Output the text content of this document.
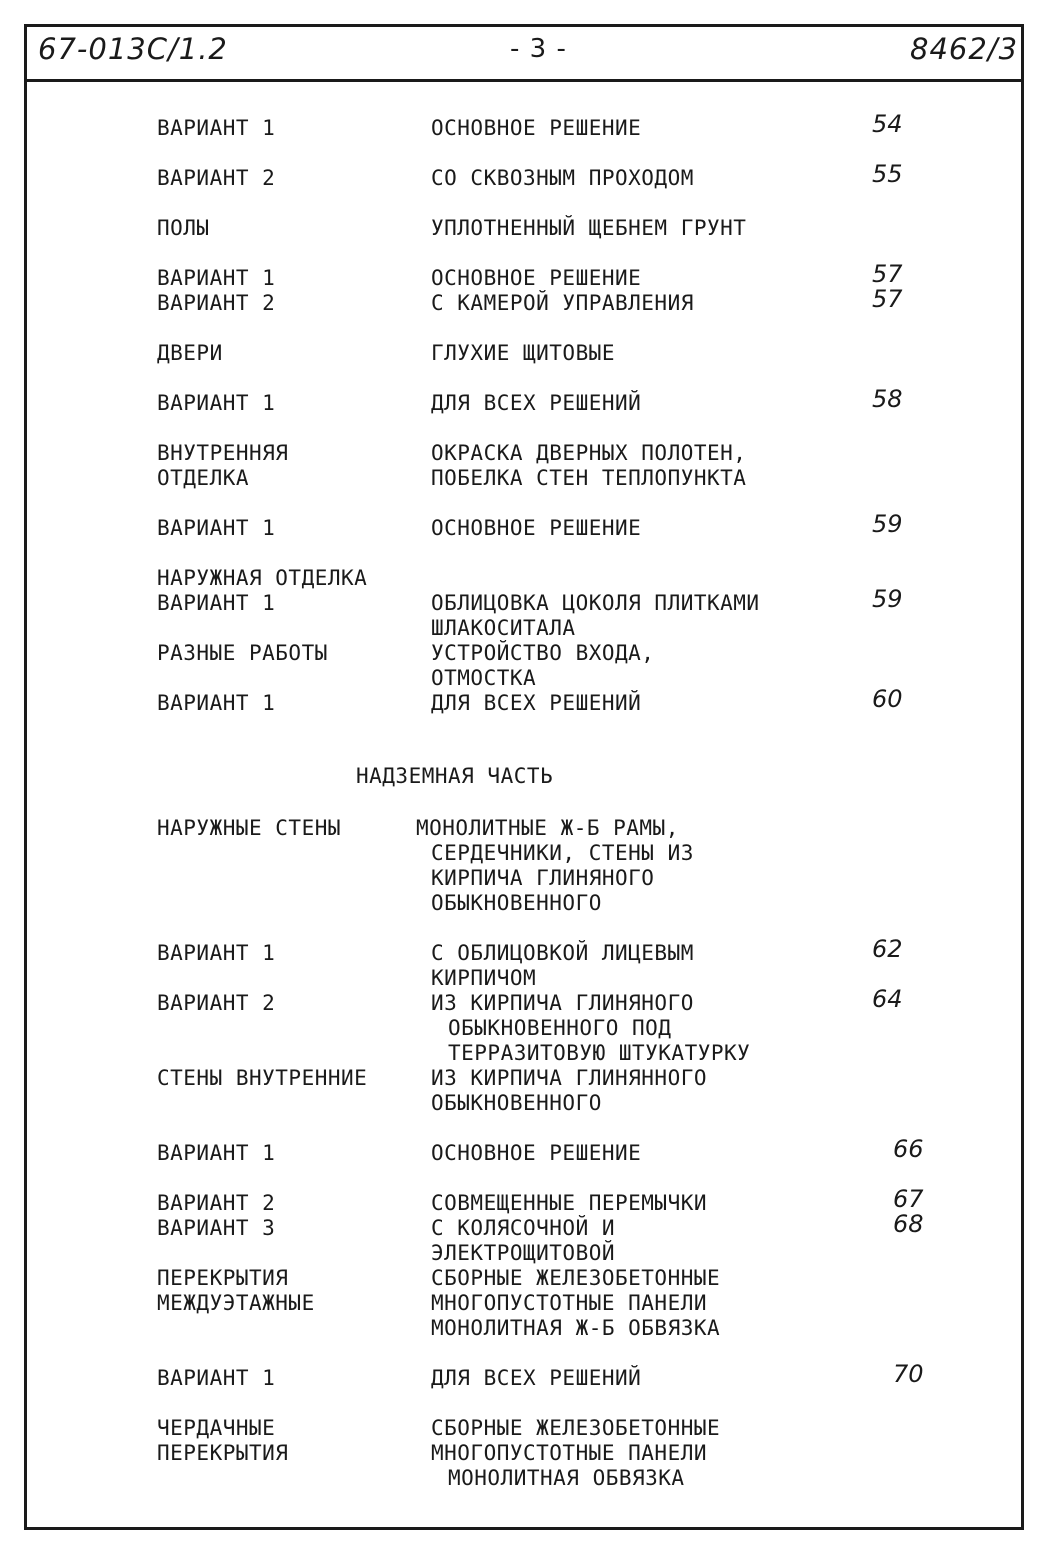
67-013С/1.2	- 3 -	8462/3
ВАРИАНТ 1	ОСНОВНОЕ РЕШЕНИЕ	54
ВАРИАНТ 2	СО СКВОЗНЫМ ПРОХОДОМ	55
ПОЛЫ	УПЛОТНЕННЫЙ ЩЕБНЕМ ГРУНТ
ВАРИАНТ 1	ОСНОВНОЕ РЕШЕНИЕ	57
ВАРИАНТ 2	С КАМЕРОЙ УПРАВЛЕНИЯ	57
ДВЕРИ	ГЛУХИЕ ЩИТОВЫЕ
ВАРИАНТ 1	ДЛЯ ВСЕХ РЕШЕНИЙ	58
ВНУТРЕННЯЯ	ОКРАСКА ДВЕРНЫХ ПОЛОТЕН,
ОТДЕЛКА	ПОБЕЛКА СТЕН ТЕПЛОПУНКТА
ВАРИАНТ 1	ОСНОВНОЕ РЕШЕНИЕ	59
НАРУЖНАЯ ОТДЕЛКА
ВАРИАНТ 1	ОБЛИЦОВКА ЦОКОЛЯ ПЛИТКАМИ	59
ШЛАКОСИТАЛА
РАЗНЫЕ РАБОТЫ	УСТРОЙСТВО ВХОДА,
ОТМОСТКА
ВАРИАНТ 1	ДЛЯ ВСЕХ РЕШЕНИЙ	60
НАРУЖНЫЕ СТЕНЫ	МОНОЛИТНЫЕ Ж-Б РАМЫ,
СЕРДЕЧНИКИ, СТЕНЫ ИЗ
КИРПИЧА ГЛИНЯНОГО
ОБЫКНОВЕННОГО
ВАРИАНТ 1	С ОБЛИЦОВКОЙ ЛИЦЕВЫМ	62
КИРПИЧОМ
ВАРИАНТ 2	ИЗ КИРПИЧА ГЛИНЯНОГО	64
ОБЫКНОВЕННОГО ПОД
ТЕРРАЗИТОВУЮ ШТУКАТУРКУ
СТЕНЫ ВНУТРЕННИЕ	ИЗ КИРПИЧА ГЛИНЯННОГО
ОБЫКНОВЕННОГО
ВАРИАНТ 1	ОСНОВНОЕ РЕШЕНИЕ	66
ВАРИАНТ 2	СОВМЕЩЕННЫЕ ПЕРЕМЫЧКИ	67
ВАРИАНТ 3	С КОЛЯСОЧНОЙ И	68
ЭЛЕКТРОЩИТОВОЙ
ПЕРЕКРЫТИЯ	СБОРНЫЕ ЖЕЛЕЗОБЕТОННЫЕ
МЕЖДУЭТАЖНЫЕ	МНОГОПУСТОТНЫЕ ПАНЕЛИ
МОНОЛИТНАЯ Ж-Б ОБВЯЗКА
ВАРИАНТ 1	ДЛЯ ВСЕХ РЕШЕНИЙ	70
ЧЕРДАЧНЫЕ	СБОРНЫЕ ЖЕЛЕЗОБЕТОННЫЕ
ПЕРЕКРЫТИЯ	МНОГОПУСТОТНЫЕ ПАНЕЛИ
МОНОЛИТНАЯ ОБВЯЗКА
НАДЗЕМНАЯ ЧАСТЬ
